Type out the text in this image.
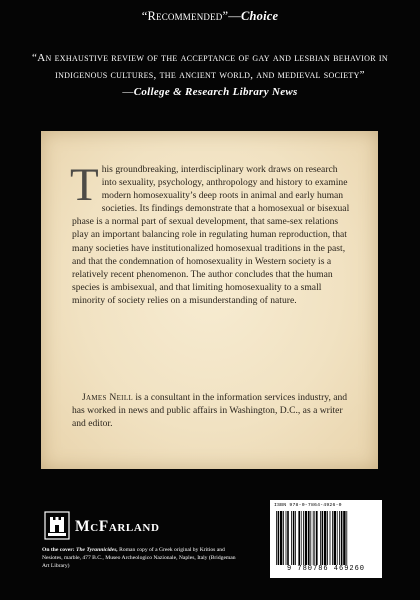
“Recommended”—Choice
“An exhaustive review of the acceptance of gay and lesbian behavior in indigenous cultures, the ancient world, and medieval society”
—College & Research Library News
This groundbreaking, interdisciplinary work draws on research into sexuality, psychology, anthropology and history to examine modern homosexuality’s deep roots in animal and early human societies. Its findings demonstrate that a homosexual or bisexual phase is a normal part of sexual development, that same-sex relations play an important balancing role in regulating human reproduction, that many societies have institutionalized homosexual traditions in the past, and that the condemnation of homosexuality in Western society is a relatively recent phenomenon. The author concludes that the human species is ambisexual, and that limiting homosexuality to a small minority of society relies on a misunderstanding of nature.
James Neill is a consultant in the information services industry, and has worked in news and public affairs in Washington, D.C., as a writer and editor.
McFarland
On the cover: The Tyrannicides, Roman copy of a Greek original by Kritios and Nesiotes, marble, 477 B.C., Museo Archeologico Nazionale, Naples, Italy (Bridgeman Art Library)
ISBN 978-0-7864-4926-0
9 780786 469260
